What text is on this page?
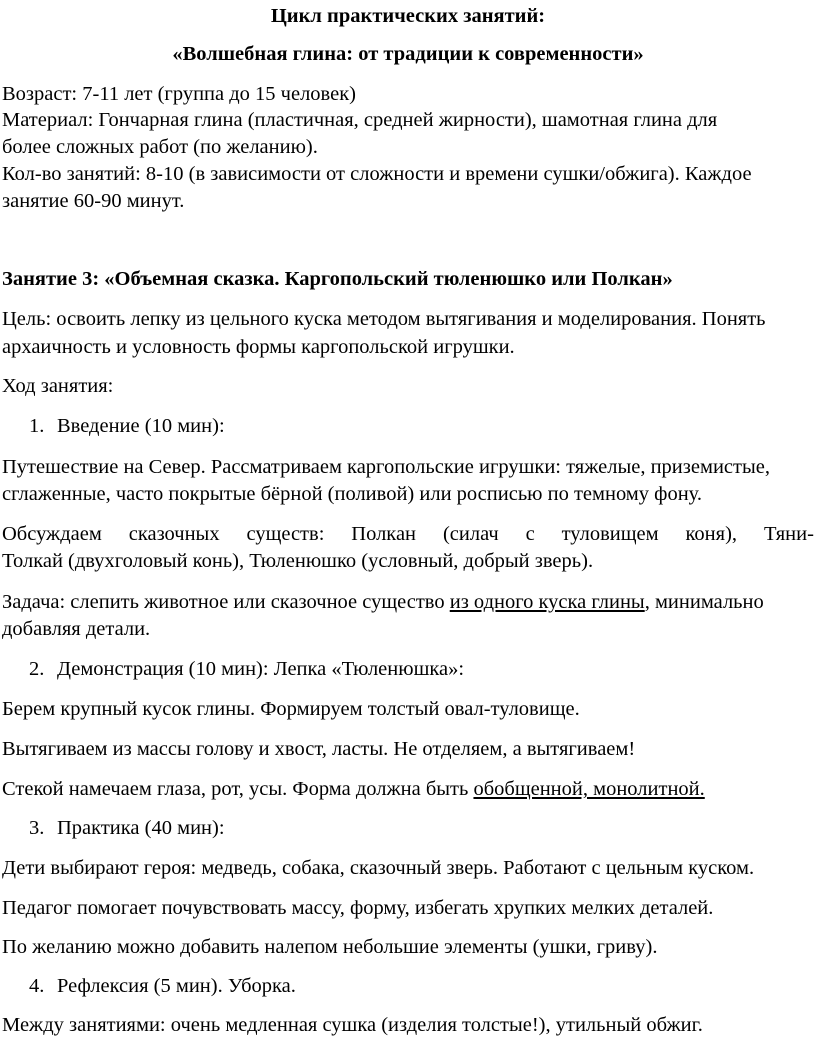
Цикл практических занятий:
«Волшебная глина: от традиции к современности»
Возраст: 7-11 лет (группа до 15 человек)
Материал: Гончарная глина (пластичная, средней жирности), шамотная глина для
более сложных работ (по желанию).
Кол-во занятий: 8-10 (в зависимости от сложности и времени сушки/обжига). Каждое
занятие 60-90 минут.
Занятие 3: «Объемная сказка. Каргопольский тюленюшко или Полкан»
Цель: освоить лепку из цельного куска методом вытягивания и моделирования. Понять
архаичность и условность формы каргопольской игрушки.
Ход занятия:
1. Введение (10 мин):
Путешествие на Север. Рассматриваем каргопольские игрушки: тяжелые, приземистые,
сглаженные, часто покрытые бёрной (поливой) или росписью по темному фону.
Обсуждаем сказочных существ: Полкан (силач с туловищем коня), Тяни-
Толкай (двухголовый конь), Тюленюшко (условный, добрый зверь).
Задача: слепить животное или сказочное существо из одного куска глины, минимально
добавляя детали.
2. Демонстрация (10 мин): Лепка «Тюленюшка»:
Берем крупный кусок глины. Формируем толстый овал-туловище.
Вытягиваем из массы голову и хвост, ласты. Не отделяем, а вытягиваем!
Стекой намечаем глаза, рот, усы. Форма должна быть обобщенной, монолитной.
3. Практика (40 мин):
Дети выбирают героя: медведь, собака, сказочный зверь. Работают с цельным куском.
Педагог помогает почувствовать массу, форму, избегать хрупких мелких деталей.
По желанию можно добавить налепом небольшие элементы (ушки, гриву).
4. Рефлексия (5 мин). Уборка.
Между занятиями: очень медленная сушка (изделия толстые!), утильный обжиг.
